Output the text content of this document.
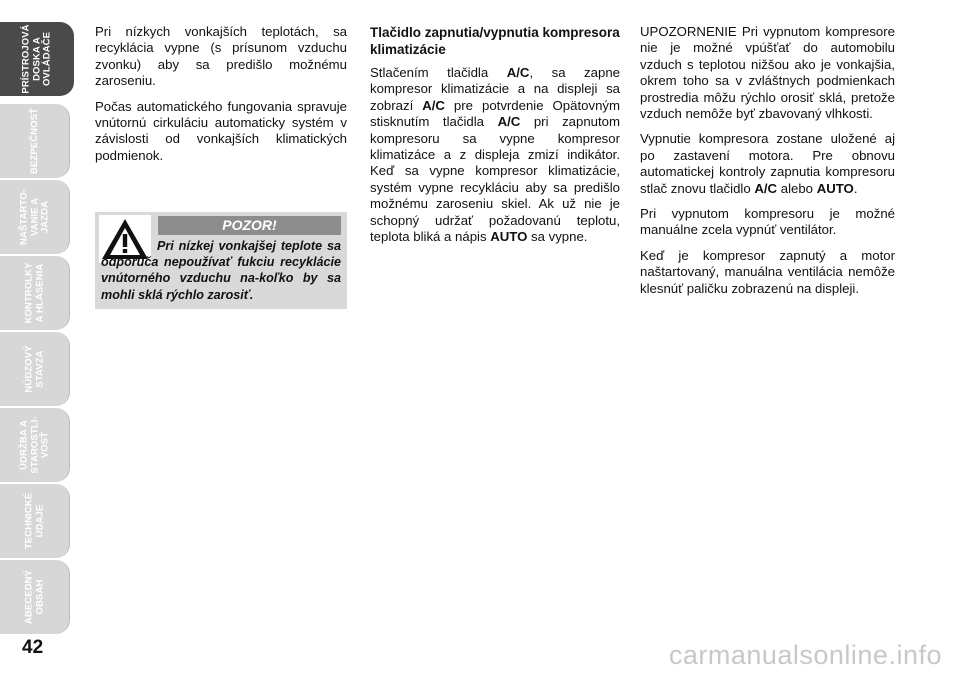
PRÍSTROJOVÁ
DOSKA A
OVLÁDAČE
BEZPEČNOSŤ
NAŠTARTO-
VANIE A
JAZDA
KONTROLKY
A HLÁSENIA
NÚDZOVÝ
STAVZA
ÚDRŽBA A
STAROSTLI-
VOSŤ
TECHNICKÉ
ÚDAJE
ABECEDNÝ
OBSAH
42

Pri nízkych vonkajších teplotách, sa recyklácia vypne (s prísunom vzduchu zvonku) aby sa predišlo možnému zaroseniu.

Počas automatického fungovania spravuje vnútornú cirkuláciu automaticky systém v závislosti od vonkajších klimatických podmienok.

POZOR!
Pri nízkej vonkajšej teplote sa odporúča nepoužívať fukciu recyklácie vnútorného vzduchu na-koľko by sa mohli sklá rýchlo zarosiť.
Tlačidlo zapnutia/vypnutia kompresora klimatizácie

Stlačením tlačidla A/C, sa zapne kompresor klimatizácie a na displeji sa zobrazí A/C pre potvrdenie Opätovným stisknutím tlačidla A/C pri zapnutom kompresoru sa vypne kompresor klimatizáce a z displeja zmizí indikátor. Keď sa vypne kompresor klimatizácie, systém vypne recykláciu aby sa predišlo možnému zaroseniu skiel. Ak už nie je schopný udržať požadovanú teplotu, teplota bliká a nápis AUTO sa vypne.

UPOZORNENIE Pri vypnutom kompresore nie je možné vpúšťať do automobilu vzduch s teplotou nižšou ako je vonkajšia, okrem toho sa v zvláštnych podmienkach prostredia môžu rýchlo orosiť sklá, pretože vzduch nemôže byť zbavovaný vlhkosti.

Vypnutie kompresora zostane uložené aj po zastavení motora. Pre obnovu automatickej kontroly zapnutia kompresoru stlač znovu tlačidlo A/C alebo AUTO.

Pri vypnutom kompresoru je možné manuálne zcela vypnúť ventilátor.

Keď je kompresor zapnutý a motor naštartovaný, manuálna ventilácia nemôže klesnúť paličku zobrazenú na displeji.

carmanualsonline.info
